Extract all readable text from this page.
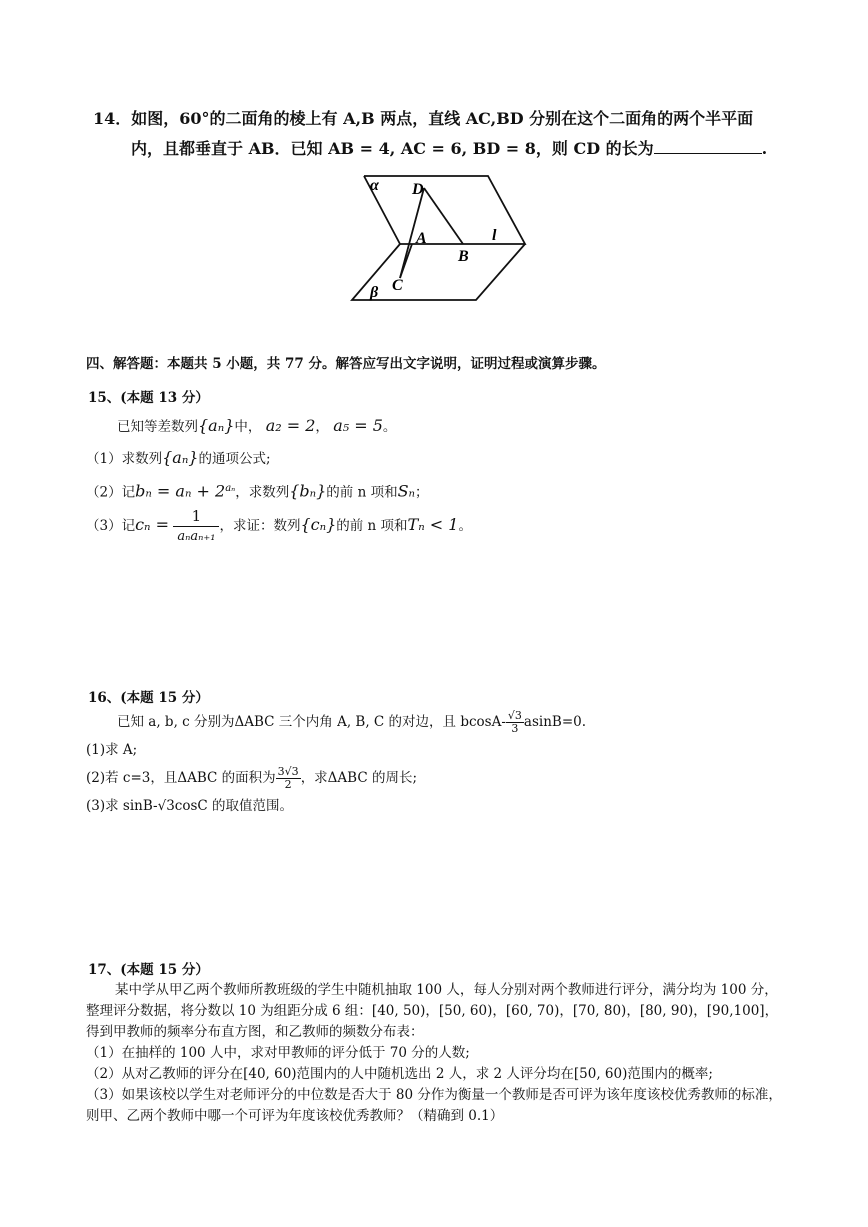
14．如图，60°的二面角的棱上有 A,B 两点，直线 AC,BD 分别在这个二面角的两个半平面
内，且都垂直于 AB．已知 AB = 4, AC = 6, BD = 8，则 CD 的长为	.
α D
A
B
l
β C
四、解答题：本题共 5 小题，共 77 分。解答应写出文字说明，证明过程或演算步骤。
15、(本题 13 分）
已知等差数列{aₙ}中， a₂ = 2， a₅ = 5。
（1）求数列{aₙ}的通项公式;
（2）记$b_n = a_n + 2^{a_n}$，求数列{bₙ}的前 n 项和Sₙ；
（3）记$c_n = \frac{1}{\text{aₙaₙ₊₁}}$ ，求证：数列{cₙ}的前 n 项和Tₙ < 1。
16、(本题 15 分）
已知 a, b, c 分别为ΔABC 三个内角 A, B, C 的对边，且 $bcosA- \frac{√3}{3} asinB=0$.
(1)求 A;
(2)若 c=3，且ΔABC 的面积为 $\frac{3√3}{2}$ ，求ΔABC 的周长;
(3)求 sinB-√3cosC 的取值范围。
17、(本题 15 分）
某中学从甲乙两个教师所教班级的学生中随机抽取 100 人，每人分别对两个教师进行评分，满分均为 100 分，整理评分数据，将分数以 10 为组距分成 6 组：[40, 50)，[50, 60)，[60, 70)，[70, 80)，[80, 90)，[90,100]，得到甲教师的频率分布直方图，和乙教师的频数分布表：
（1）在抽样的 100 人中，求对甲教师的评分低于 70 分的人数;
（2）从对乙教师的评分在[40, 60)范围内的人中随机选出 2 人，求 2 人评分均在[50, 60)范围内的概率;
（3）如果该校以学生对老师评分的中位数是否大于 80 分作为衡量一个教师是否可评为该年度该校优秀教师的标准，则甲、乙两个教师中哪一个可评为年度该校优秀教师？（精确到 0.1）
